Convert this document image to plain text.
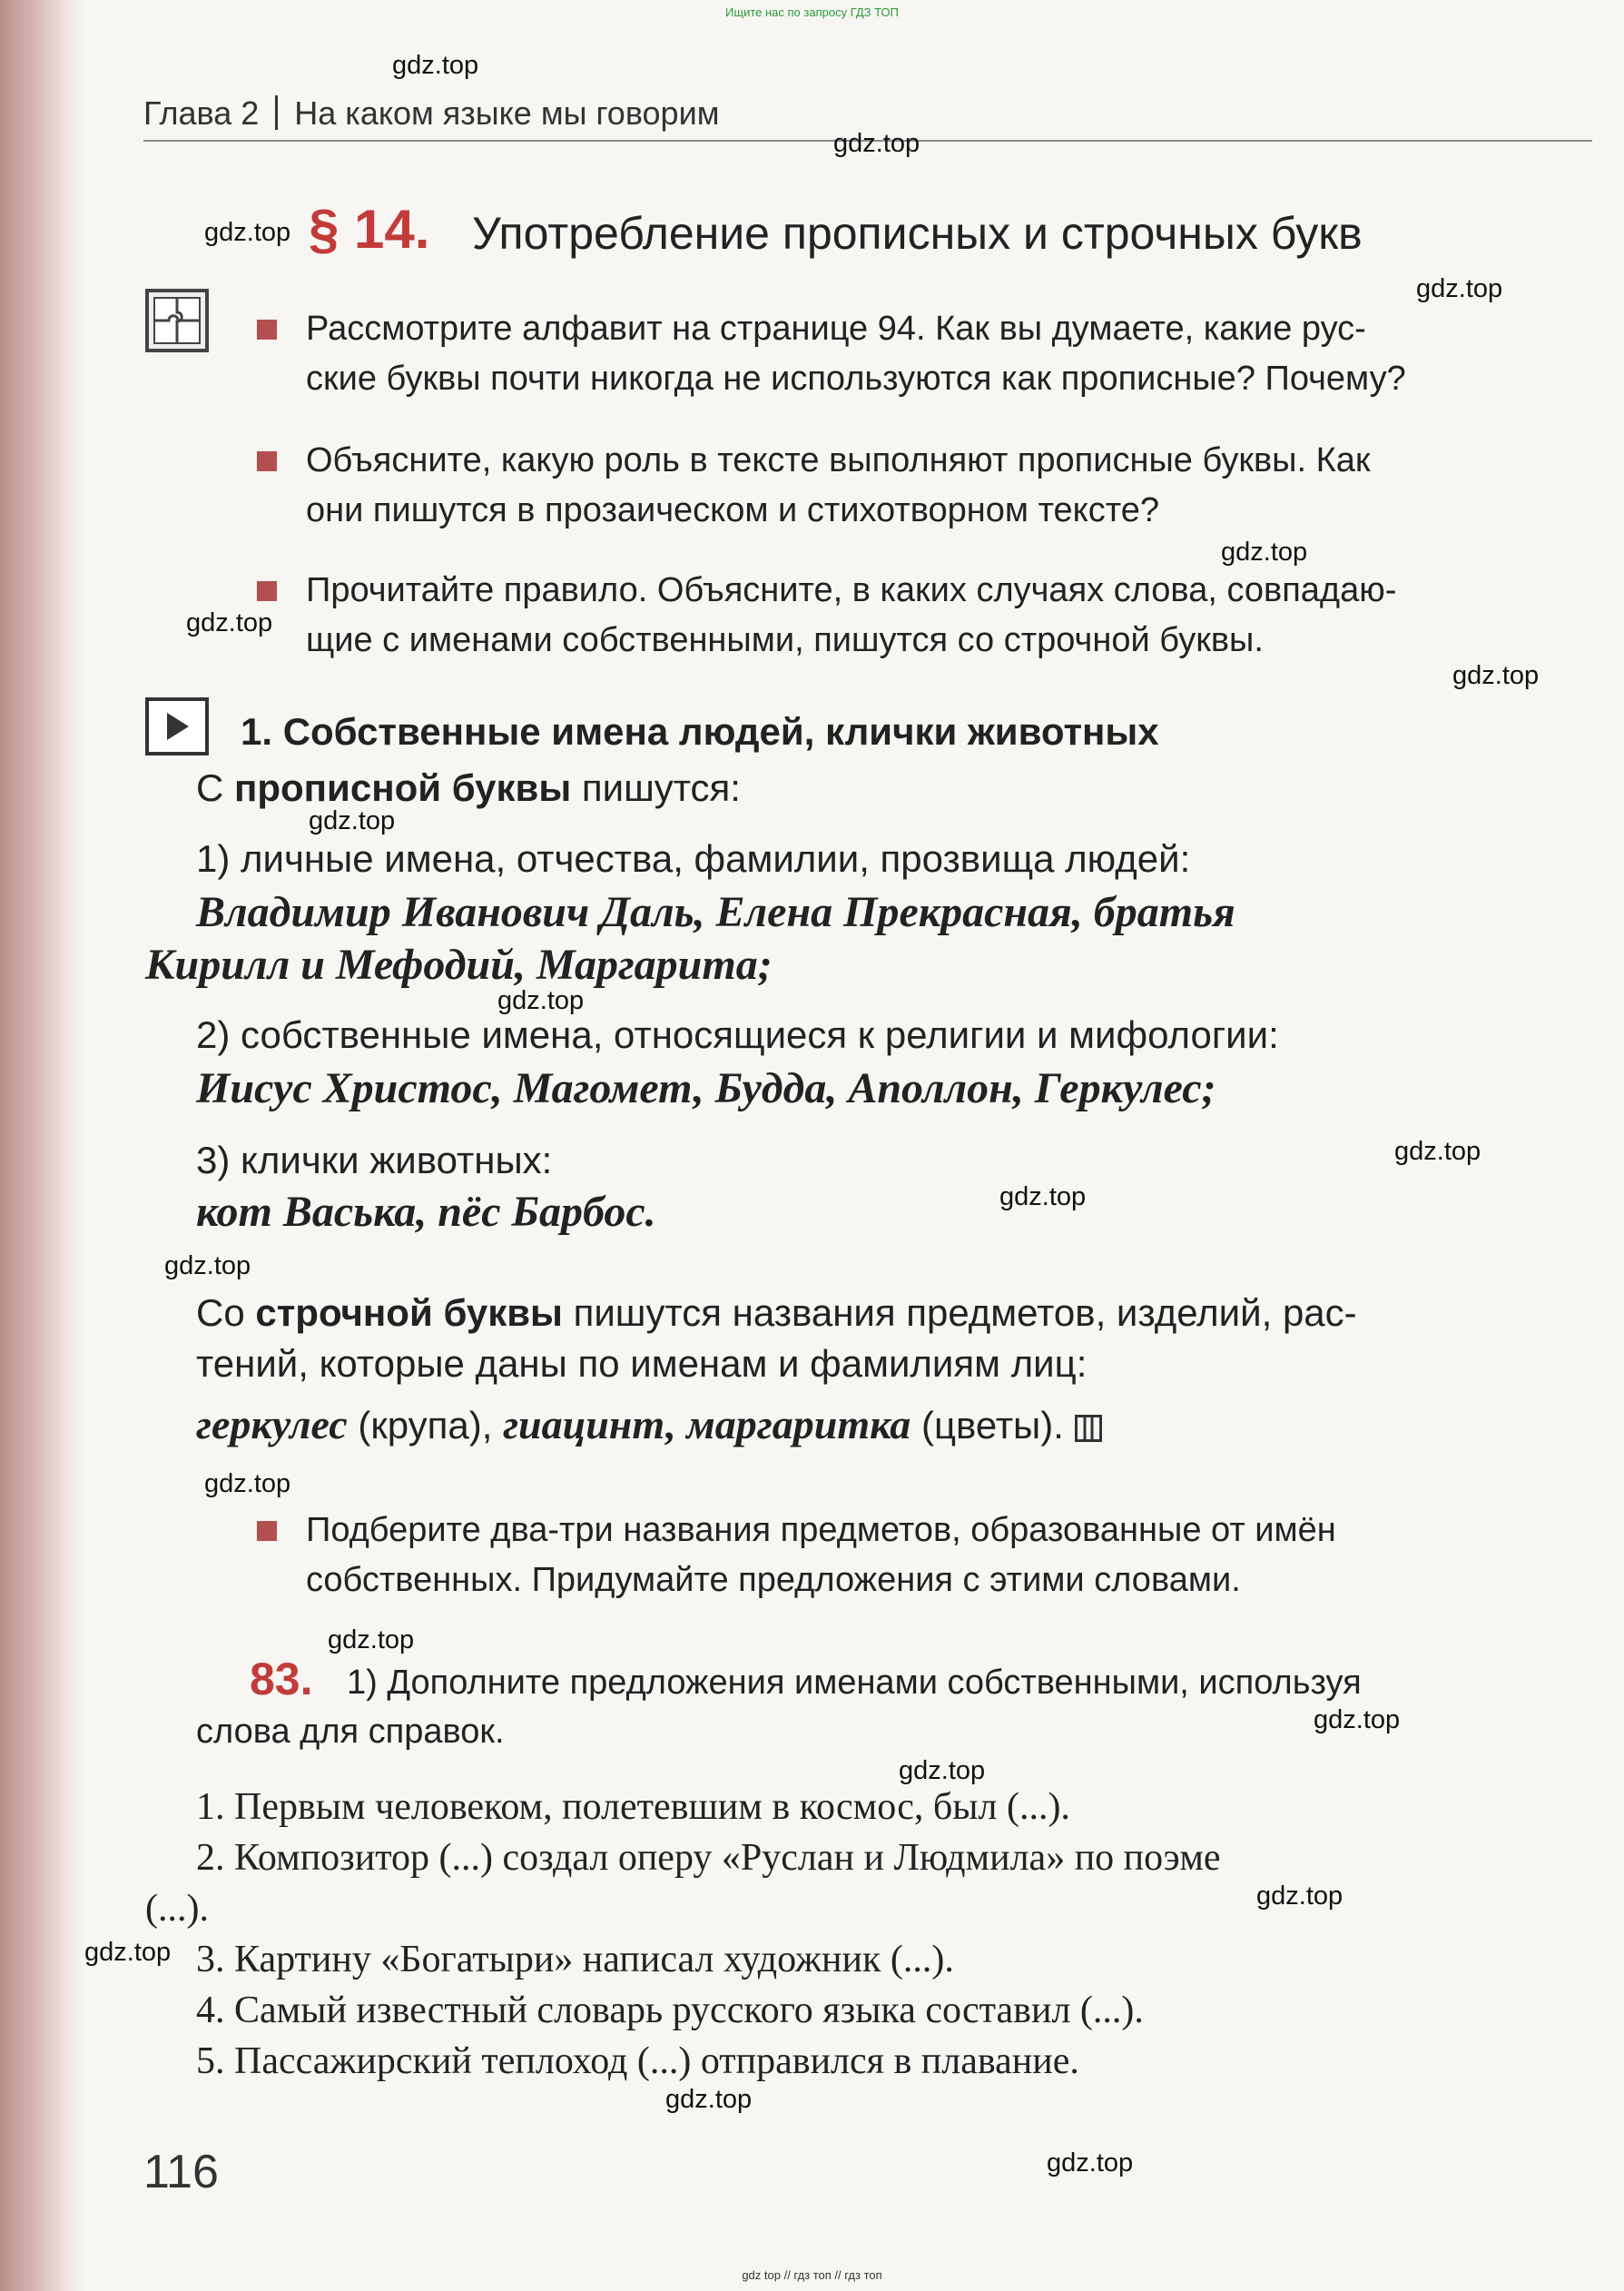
Ищите нас по запросу ГДЗ ТОП
Глава 2 На каком языке мы говорим
§ 14. Употребление прописных и строчных букв
Рассмотрите алфавит на странице 94. Как вы думаете, какие рус-
ские буквы почти никогда не используются как прописные? Почему?
Объясните, какую роль в тексте выполняют прописные буквы. Как
они пишутся в прозаическом и стихотворном тексте?
Прочитайте правило. Объясните, в каких случаях слова, совпадаю-
щие с именами собственными, пишутся со строчной буквы.
1. Собственные имена людей, клички животных
С прописной буквы пишутся:
1) личные имена, отчества, фамилии, прозвища людей:
Владимир Иванович Даль, Елена Прекрасная, братья
Кирилл и Мефодий, Маргарита;
2) собственные имена, относящиеся к религии и мифологии:
Иисус Христос, Магомет, Будда, Аполлон, Геркулес;
3) клички животных:
кот Васька, пёс Барбос.
Со строчной буквы пишутся названия предметов, изделий, рас-
тений, которые даны по именам и фамилиям лиц:
геркулес (крупа), гиацинт, маргаритка (цветы).
Подберите два-три названия предметов, образованные от имён
собственных. Придумайте предложения с этими словами.
83. 1) Дополните предложения именами собственными, используя
слова для справок.
1. Первым человеком, полетевшим в космос, был (...).
2. Композитор (...) создал оперу «Руслан и Людмила» по поэме
(...).
3. Картину «Богатыри» написал художник (...).
4. Самый известный словарь русского языка составил (...).
5. Пассажирский теплоход (...) отправился в плавание.
116
gdz.top
gdz.top
gdz.top
gdz.top
gdz.top
gdz.top
gdz.top
gdz.top
gdz.top
gdz.top
gdz.top
gdz.top
gdz.top
gdz.top
gdz.top
gdz.top
gdz.top
gdz.top
gdz.top
gdz.top
gdz top // гдз топ // гдз топ
